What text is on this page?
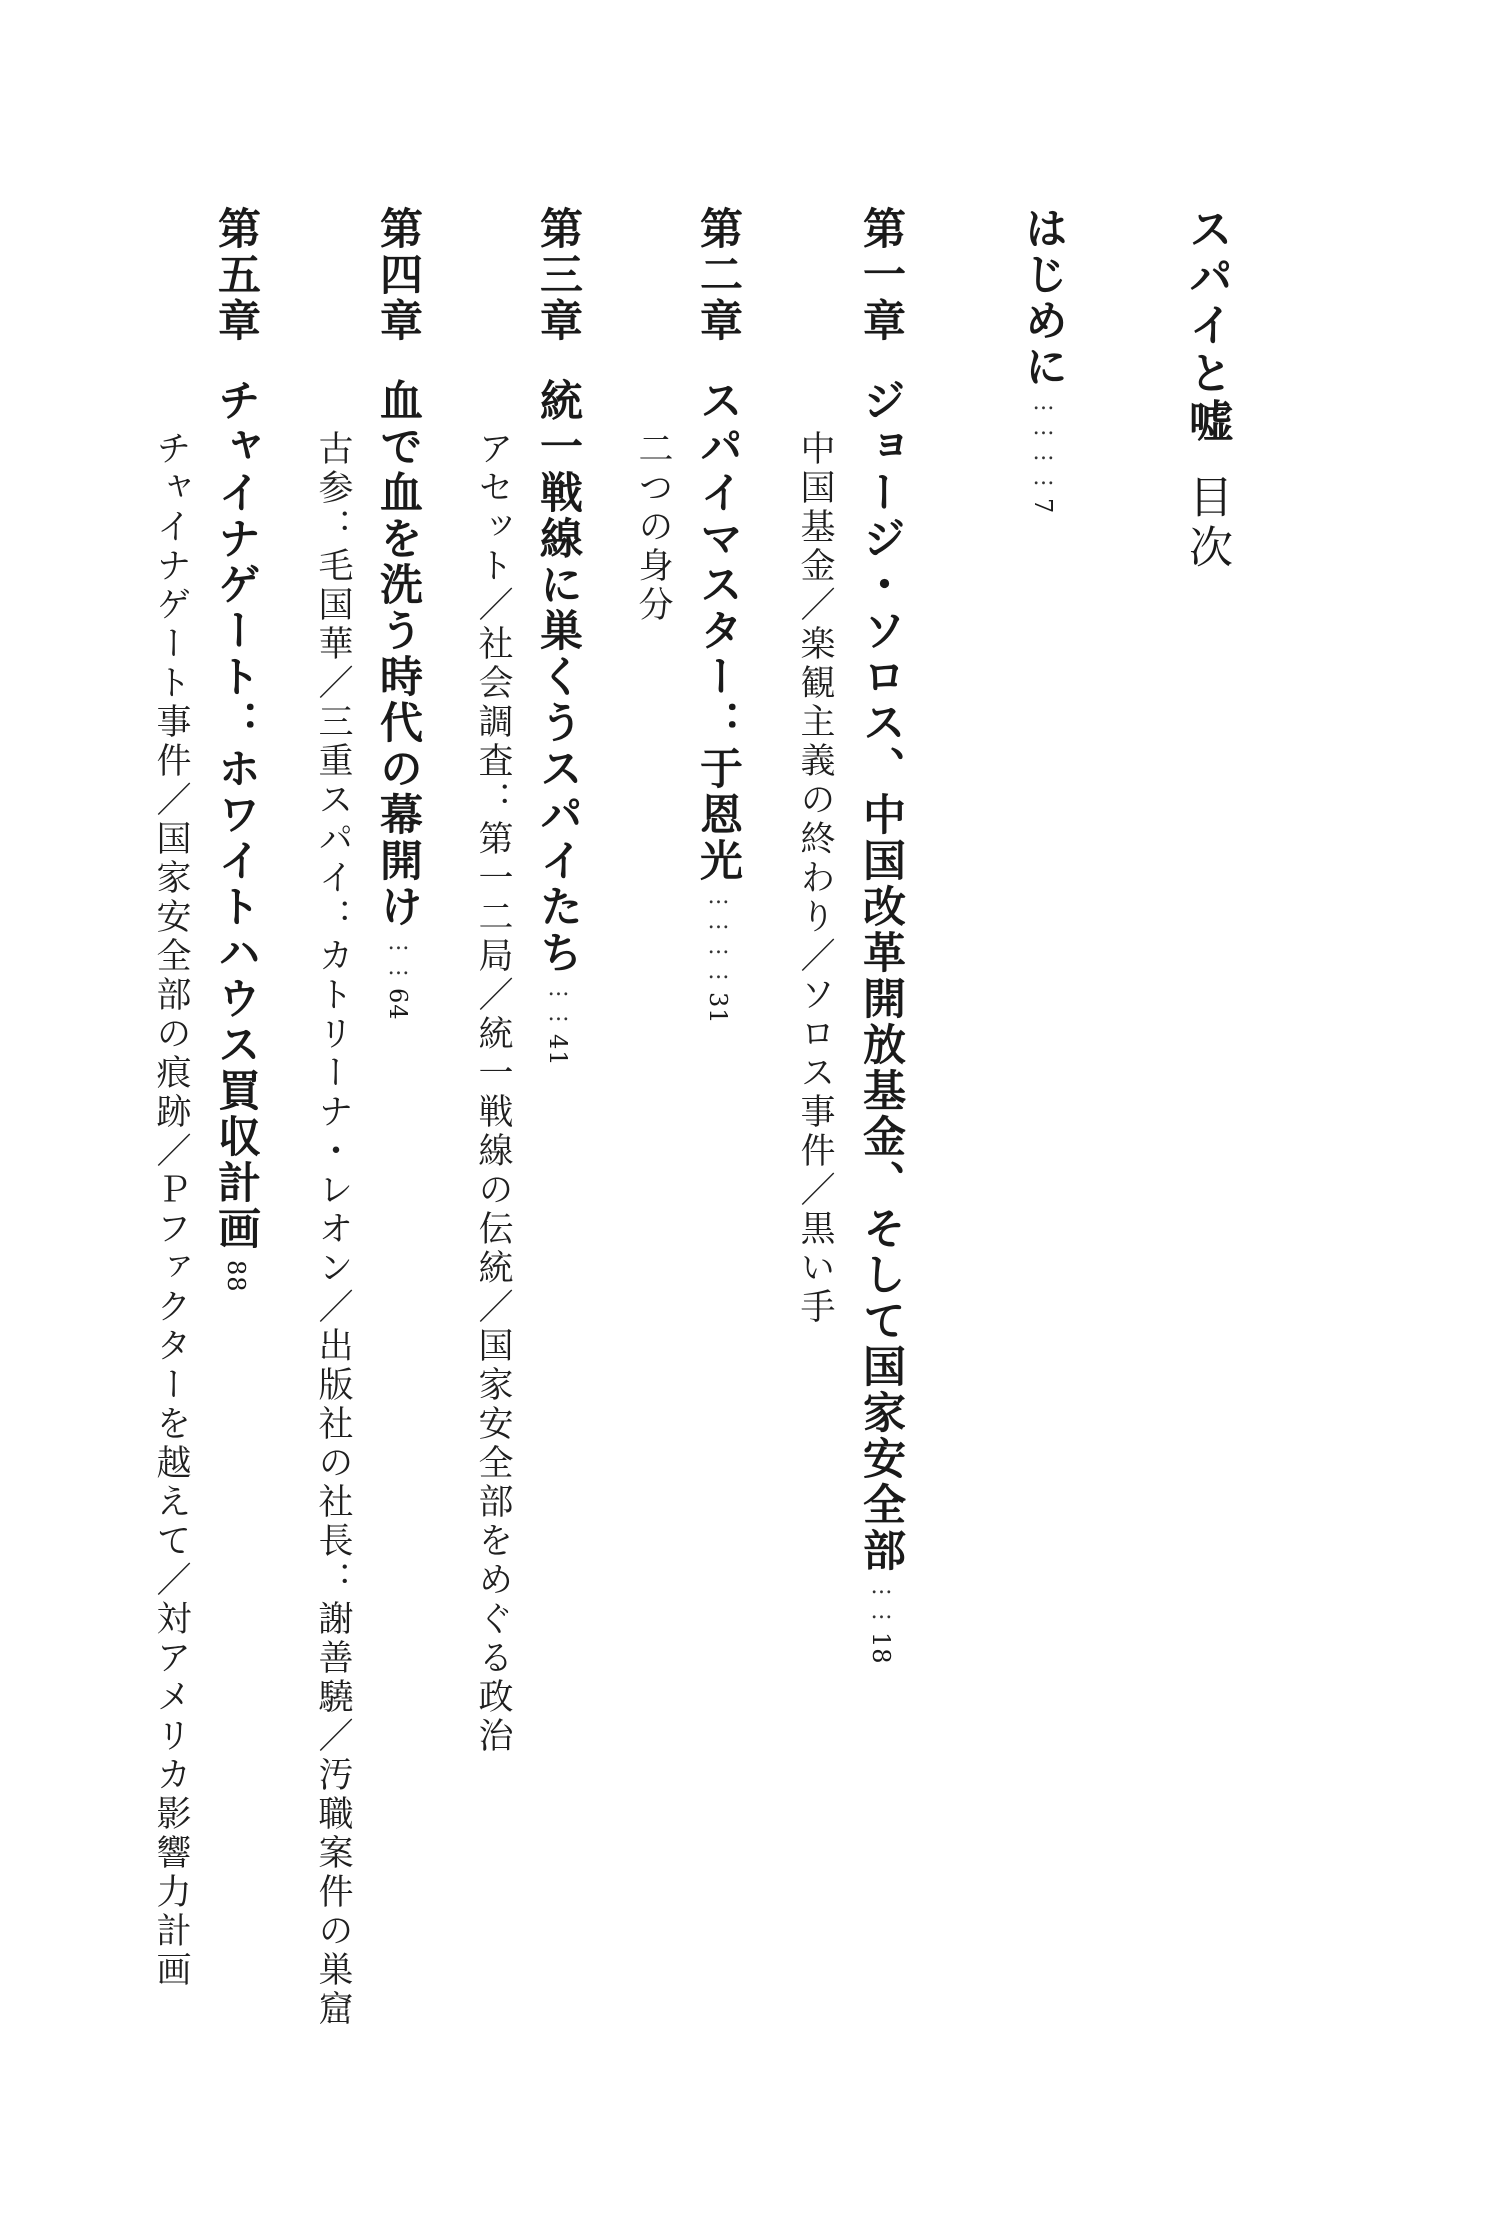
スパイと嘘目次
はじめに…………7
第一章ジョージ・ソロス、中国改革開放基金、そして国家安全部……18
中国基金／楽観主義の終わり／ソロス事件／黒い手
第二章スパイマスター：于恩光…………31
二つの身分
第三章統一戦線に巣くうスパイたち……41
アセット／社会調査：第一二局／統一戦線の伝統／国家安全部をめぐる政治
第四章血で血を洗う時代の幕開け……64
古参：毛国華／三重スパイ：カトリーナ・レオン／出版社の社長：謝善驍／汚職案件の巣窟
第五章チャイナゲート：ホワイトハウス買収計画88
チャイナゲート事件／国家安全部の痕跡／Ｐファクターを越えて／対アメリカ影響力計画
